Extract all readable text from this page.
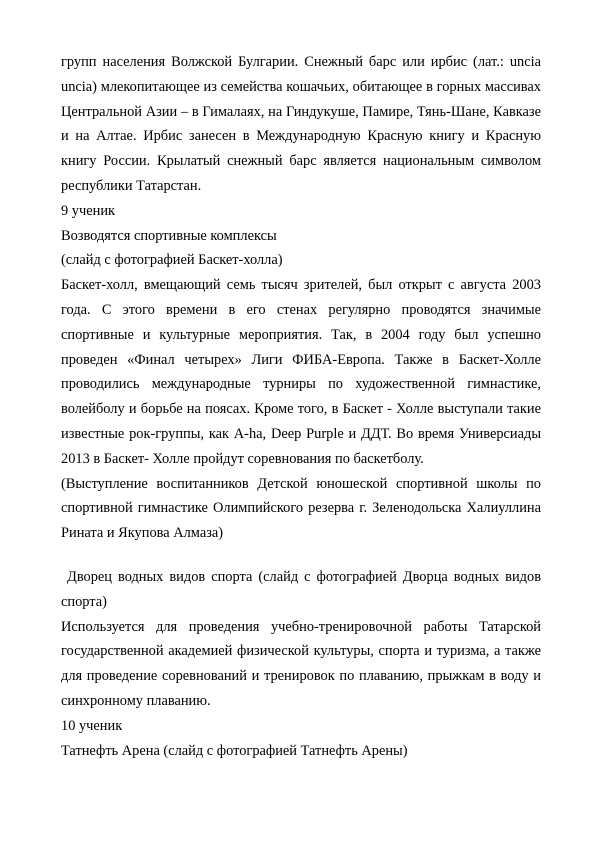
групп населения Волжской Булгарии. Снежный барс или ирбис (лат.: uncia uncia) млекопитающее из семейства кошачьих, обитающее в горных массивах Центральной Азии – в Гималаях, на Гиндукуше, Памире, Тянь-Шане, Кавказе и на Алтае. Ирбис занесен в Международную Красную книгу и Красную книгу России. Крылатый снежный барс является национальным символом республики Татарстан.

9 ученик

Возводятся спортивные комплексы

(слайд с фотографией Баскет-холла)

Баскет-холл, вмещающий семь тысяч зрителей, был открыт с августа 2003 года. С этого времени в его стенах регулярно проводятся значимые спортивные и культурные мероприятия. Так, в 2004 году был успешно проведен «Финал четырех» Лиги ФИБА-Европа. Также в Баскет-Холле проводились международные турниры по художественной гимнастике, волейболу и борьбе на поясах. Кроме того, в Баскет - Холле выступали такие известные рок-группы, как A-ha, Deep Purple и ДДТ. Во время Универсиады 2013 в Баскет- Холле пройдут соревнования по баскетболу.

(Выступление воспитанников Детской юношеской спортивной школы по спортивной гимнастике Олимпийского резерва г. Зеленодольска Халиуллина Рината и Якупова Алмаза)

Дворец водных видов спорта (слайд с фотографией Дворца водных видов спорта)

Используется для проведения учебно-тренировочной работы Татарской государственной академией физической культуры, спорта и туризма, а также для проведение соревнований и тренировок по плаванию, прыжкам в воду и синхронному плаванию.

10 ученик

Татнефть Арена (слайд с фотографией Татнефть Арены)
